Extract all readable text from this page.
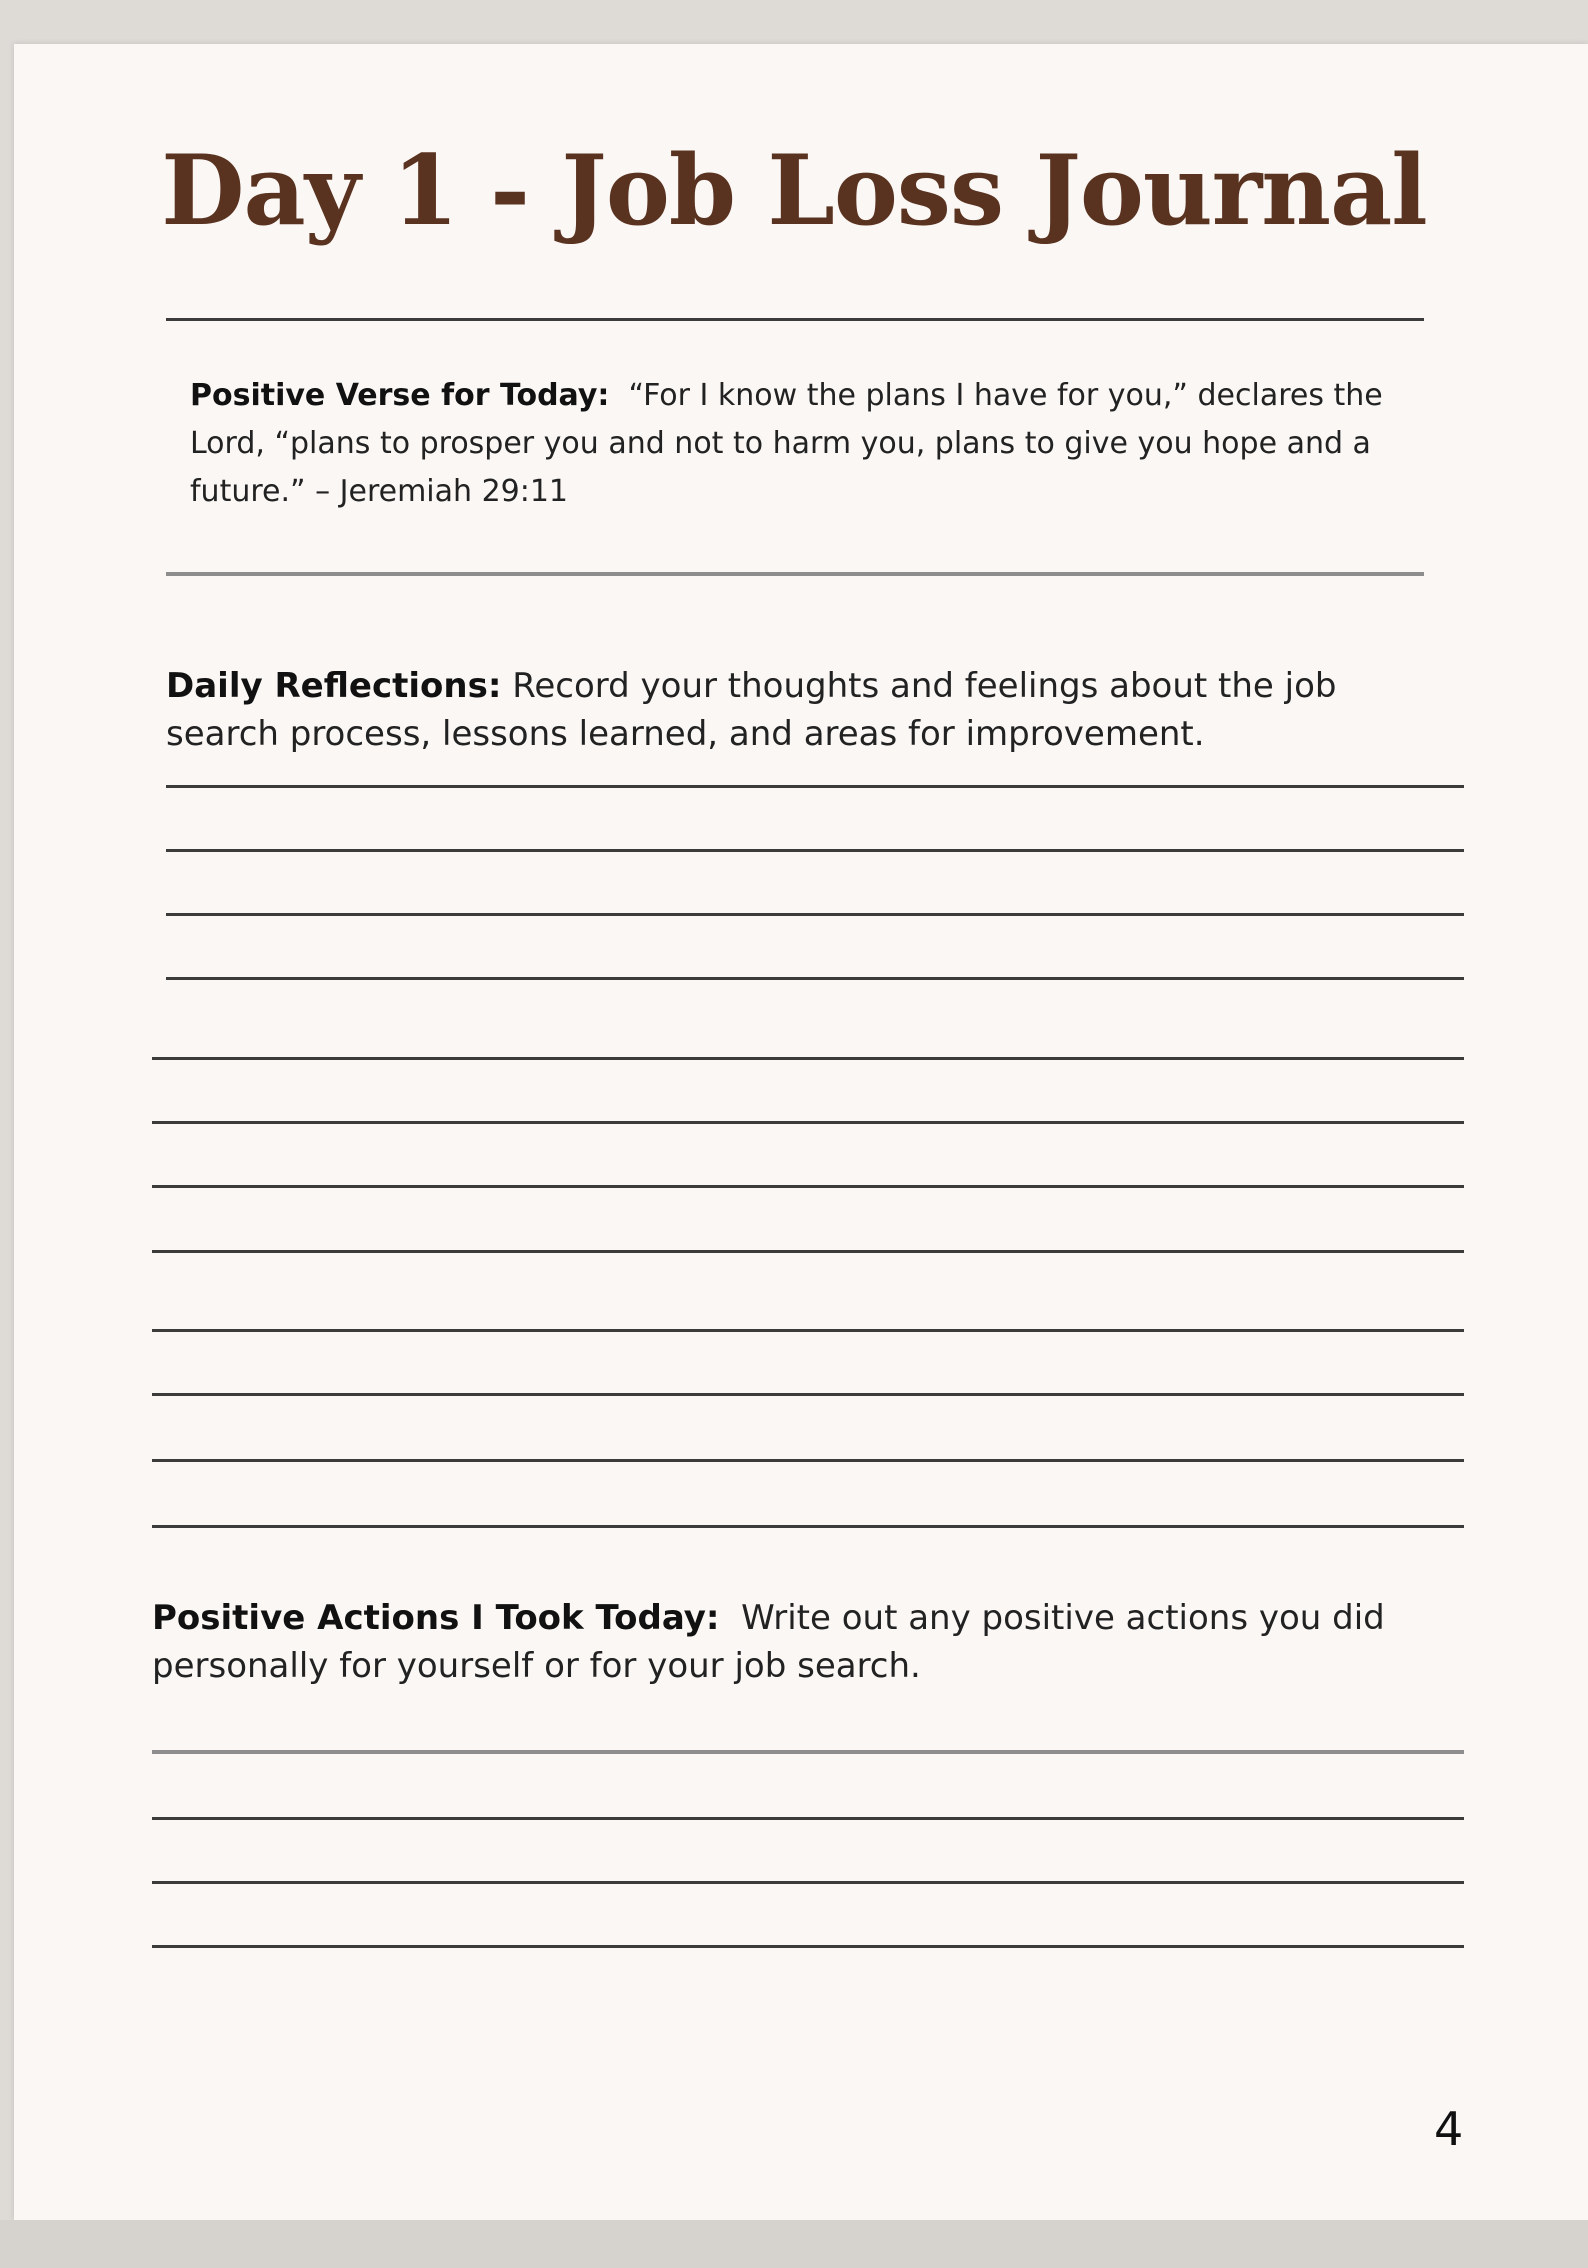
Day 1 - Job Loss Journal

Positive Verse for Today: “For I know the plans I have for you,” declares the Lord, “plans to prosper you and not to harm you, plans to give you hope and a future.” – Jeremiah 29:11

Daily Reflections: Record your thoughts and feelings about the job search process, lessons learned, and areas for improvement.

Positive Actions I Took Today: Write out any positive actions you did personally for yourself or for your job search.

4
